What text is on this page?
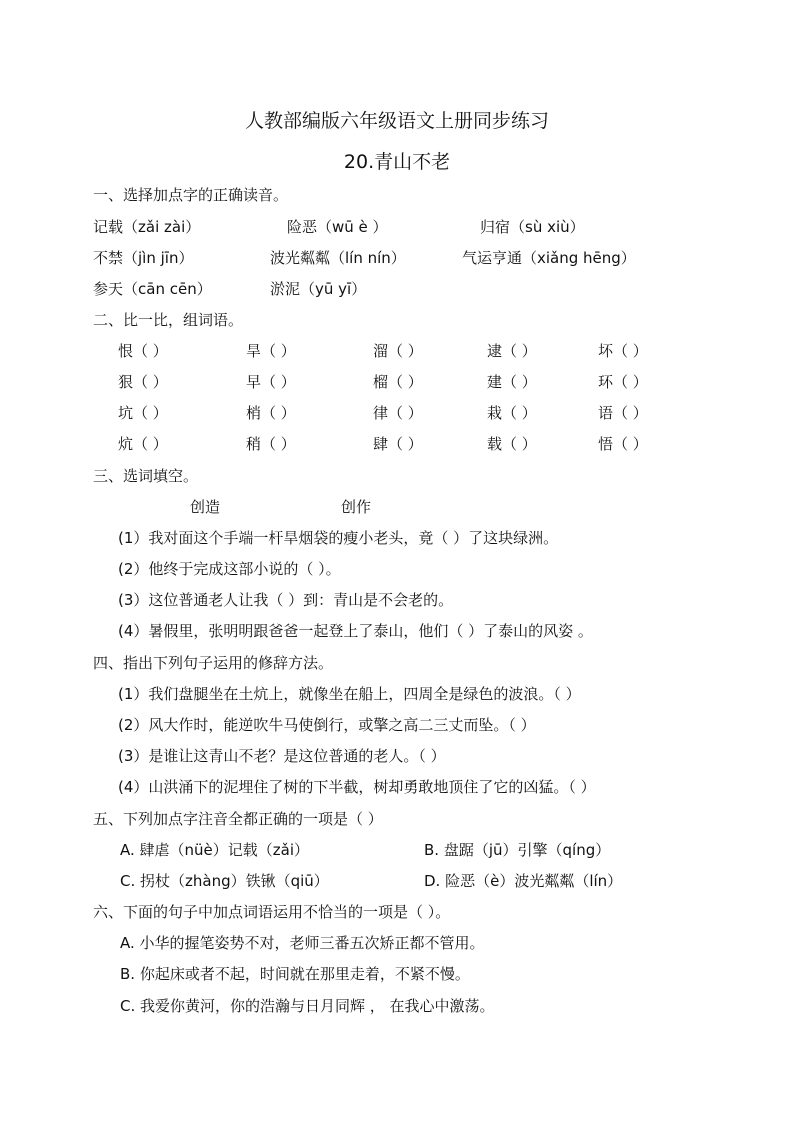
人教部编版六年级语文上册同步练习
20.青山不老
一、选择加点字的正确读音。
记载（zǎi zài）	险恶（wū è ）	归宿（sù xiù）
不禁（jìn jīn）	波光粼粼（lín nín）	气运亨通（xiǎng hēng）
参天（cān cēn）	淤泥（yū yī）
二、比一比，组词语。
恨（ ）	旱（ ）	溜（ ）	逮（ ）	坏（ ）
狠（ ）	早（ ）	榴（ ）	建（ ）	环（ ）
坑（ ）	梢（ ）	律（ ）	栽（ ）	语（ ）
炕（ ）	稍（ ）	肆（ ）	载（ ）	悟（ ）
三、选词填空。
创造	创作
(1）我对面这个手端一杆旱烟袋的瘦小老头，竟（ ）了这块绿洲。
(2）他终于完成这部小说的（ ）。
(3）这位普通老人让我（ ）到：青山是不会老的。
(4）暑假里，张明明跟爸爸一起登上了泰山，他们（ ）了泰山的风姿 。
四、指出下列句子运用的修辞方法。
(1）我们盘腿坐在土炕上，就像坐在船上，四周全是绿色的波浪。（ ）
(2）风大作时，能逆吹牛马使倒行，或擎之高二三丈而坠。（ ）
(3）是谁让这青山不老？是这位普通的老人。（ ）
(4）山洪涌下的泥埋住了树的下半截，树却勇敢地顶住了它的凶猛。（ ）
五、下列加点字注音全都正确的一项是（ ）
A. 肆虐（nüè）记载（zǎi）	B. 盘踞（jū）引擎（qíng）
C. 拐杖（zhàng）铁锹（qiū）	D. 险恶（è）波光粼粼（lín）
六、下面的句子中加点词语运用不恰当的一项是（ ）。
A. 小华的握笔姿势不对，老师三番五次矫正都不管用。
B. 你起床或者不起，时间就在那里走着，不紧不慢。
C. 我爱你黄河，你的浩瀚与日月同辉 ， 在我心中激荡。
